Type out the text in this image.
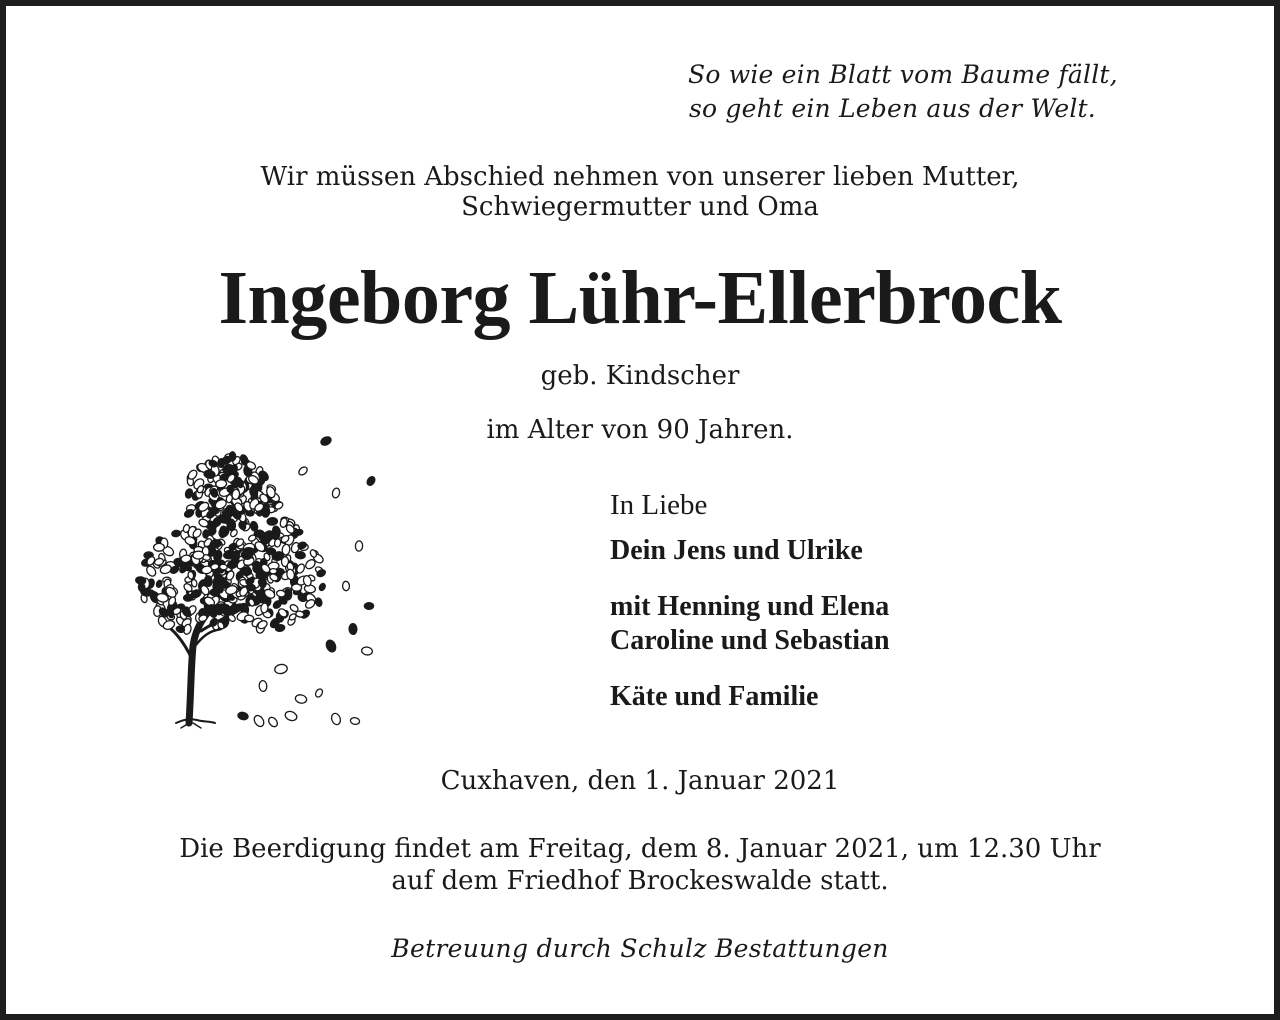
So wie ein Blatt vom Baume fällt,
so geht ein Leben aus der Welt.
Wir müssen Abschied nehmen von unserer lieben Mutter,
Schwiegermutter und Oma
Ingeborg Lühr-Ellerbrock
geb. Kindscher
im Alter von 90 Jahren.
In Liebe
Dein Jens und Ulrike
mit Henning und Elena
Caroline und Sebastian
Käte und Familie
Cuxhaven, den 1. Januar 2021
Die Beerdigung findet am Freitag, dem 8. Januar 2021, um 12.30 Uhr
auf dem Friedhof Brockeswalde statt.
Betreuung durch Schulz Bestattungen
